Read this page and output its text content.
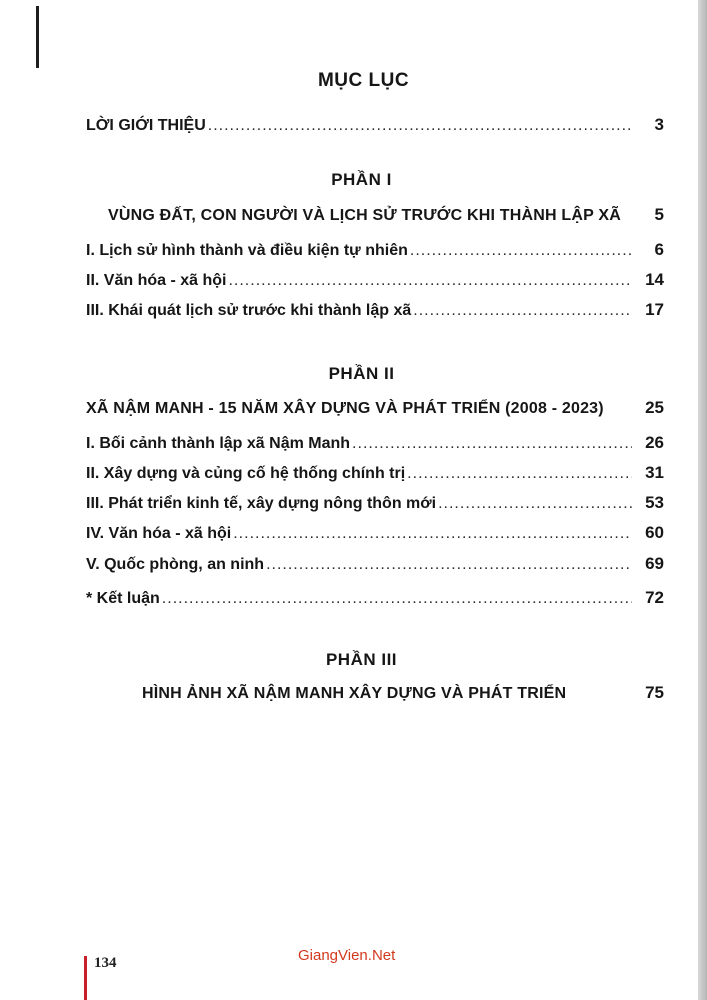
MỤC LỤC
LỜI GIỚI THIỆU .....	3
PHẦN I
VÙNG ĐẤT, CON NGƯỜI VÀ LỊCH SỬ TRƯỚC KHI THÀNH LẬP XÃ 5
I. Lịch sử hình thành và điều kiện tự nhiên .....	6
II. Văn hóa - xã hội .....	14
III. Khái quát lịch sử trước khi thành lập xã .....	17
PHẦN II
XÃ NẬM MANH - 15 NĂM XÂY DỰNG VÀ PHÁT TRIỂN (2008 - 2023) 25
I. Bối cảnh thành lập xã Nậm Manh .....	26
II. Xây dựng và củng cố hệ thống chính trị .....	31
III. Phát triển kinh tế, xây dựng nông thôn mới .....	53
IV. Văn hóa - xã hội .....	60
V. Quốc phòng, an ninh .....	69
* Kết luận .....	72
PHẦN III
HÌNH ẢNH XÃ NẬM MANH XÂY DỰNG VÀ PHÁT TRIỂN	75
134	GiangVien.Net
